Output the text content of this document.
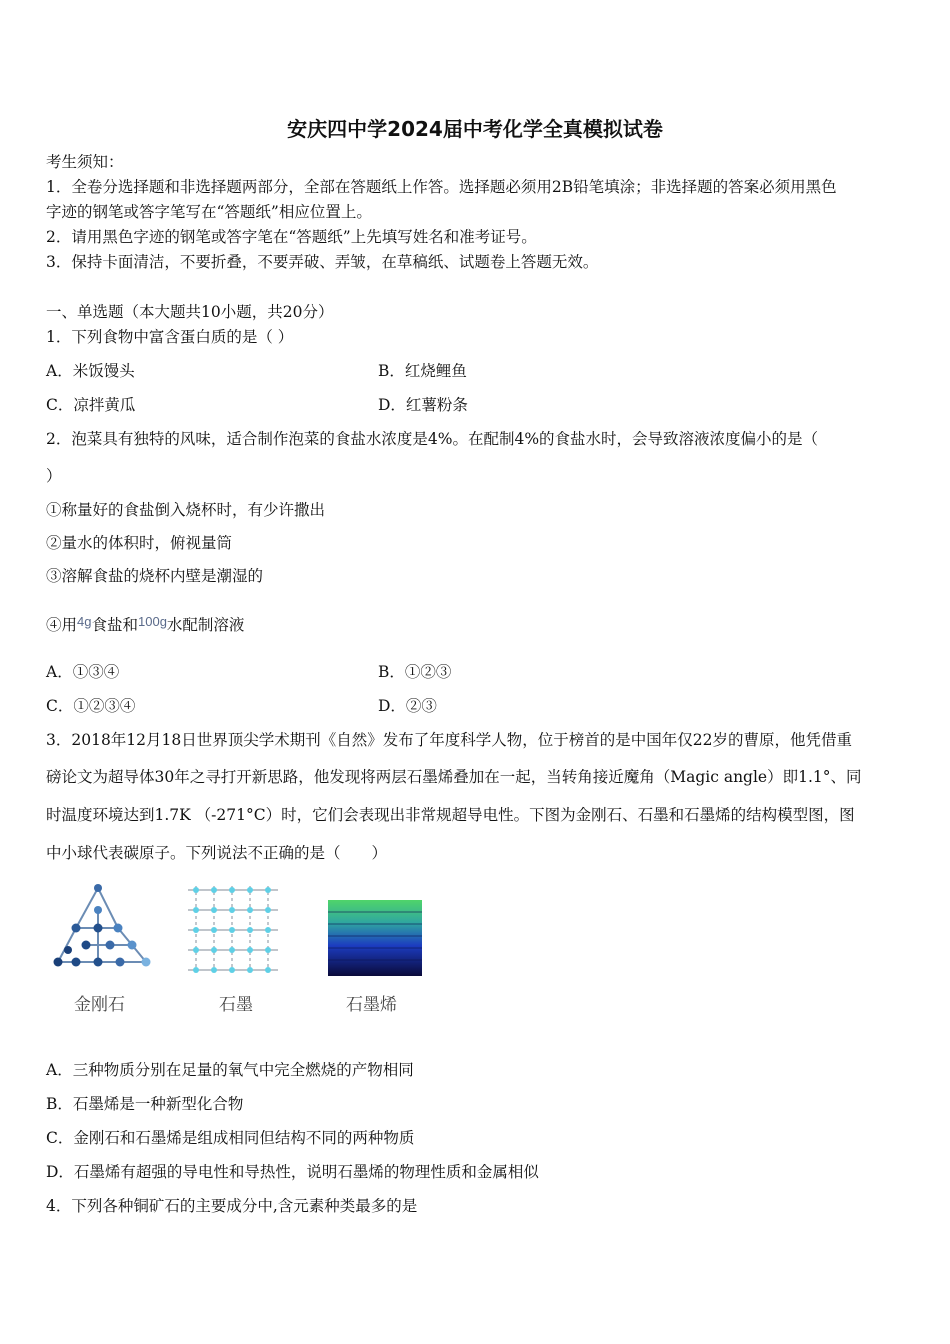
安庆四中学2024届中考化学全真模拟试卷
考生须知：
1．全卷分选择题和非选择题两部分，全部在答题纸上作答。选择题必须用2B铅笔填涂；非选择题的答案必须用黑色
字迹的钢笔或答字笔写在“答题纸”相应位置上。
2．请用黑色字迹的钢笔或答字笔在“答题纸”上先填写姓名和准考证号。
3．保持卡面清洁，不要折叠，不要弄破、弄皱，在草稿纸、试题卷上答题无效。
一、单选题（本大题共10小题，共20分）
1．下列食物中富含蛋白质的是（ ）
A．米饭馒头	B．红烧鲤鱼
C．凉拌黄瓜	D．红薯粉条
2．泡菜具有独特的风味，适合制作泡菜的食盐水浓度是4%。在配制4%的食盐水时，会导致溶液浓度偏小的是（
）
①称量好的食盐倒入烧杯时，有少许撒出
②量水的体积时，俯视量筒
③溶解食盐的烧杯内壁是潮湿的
④用$^{4g}$食盐和$^{100g}$水配制溶液
A．①③④	B．①②③
C．①②③④	D．②③
3．2018年12月18日世界顶尖学术期刊《自然》发布了年度科学人物，位于榜首的是中国年仅22岁的曹原，他凭借重
磅论文为超导体30年之寻打开新思路，他发现将两层石墨烯叠加在一起，当转角接近魔角（Magic angle）即1.1°、同
时温度环境达到1.7K （-271°C）时，它们会表现出非常规超导电性。下图为金刚石、石墨和石墨烯的结构模型图，图
中小球代表碳原子。下列说法不正确的是（　　）
金刚石	石墨	石墨烯
A．三种物质分别在足量的氧气中完全燃烧的产物相同
B．石墨烯是一种新型化合物
C．金刚石和石墨烯是组成相同但结构不同的两种物质
D．石墨烯有超强的导电性和导热性，说明石墨烯的物理性质和金属相似
4．下列各种铜矿石的主要成分中,含元素种类最多的是
